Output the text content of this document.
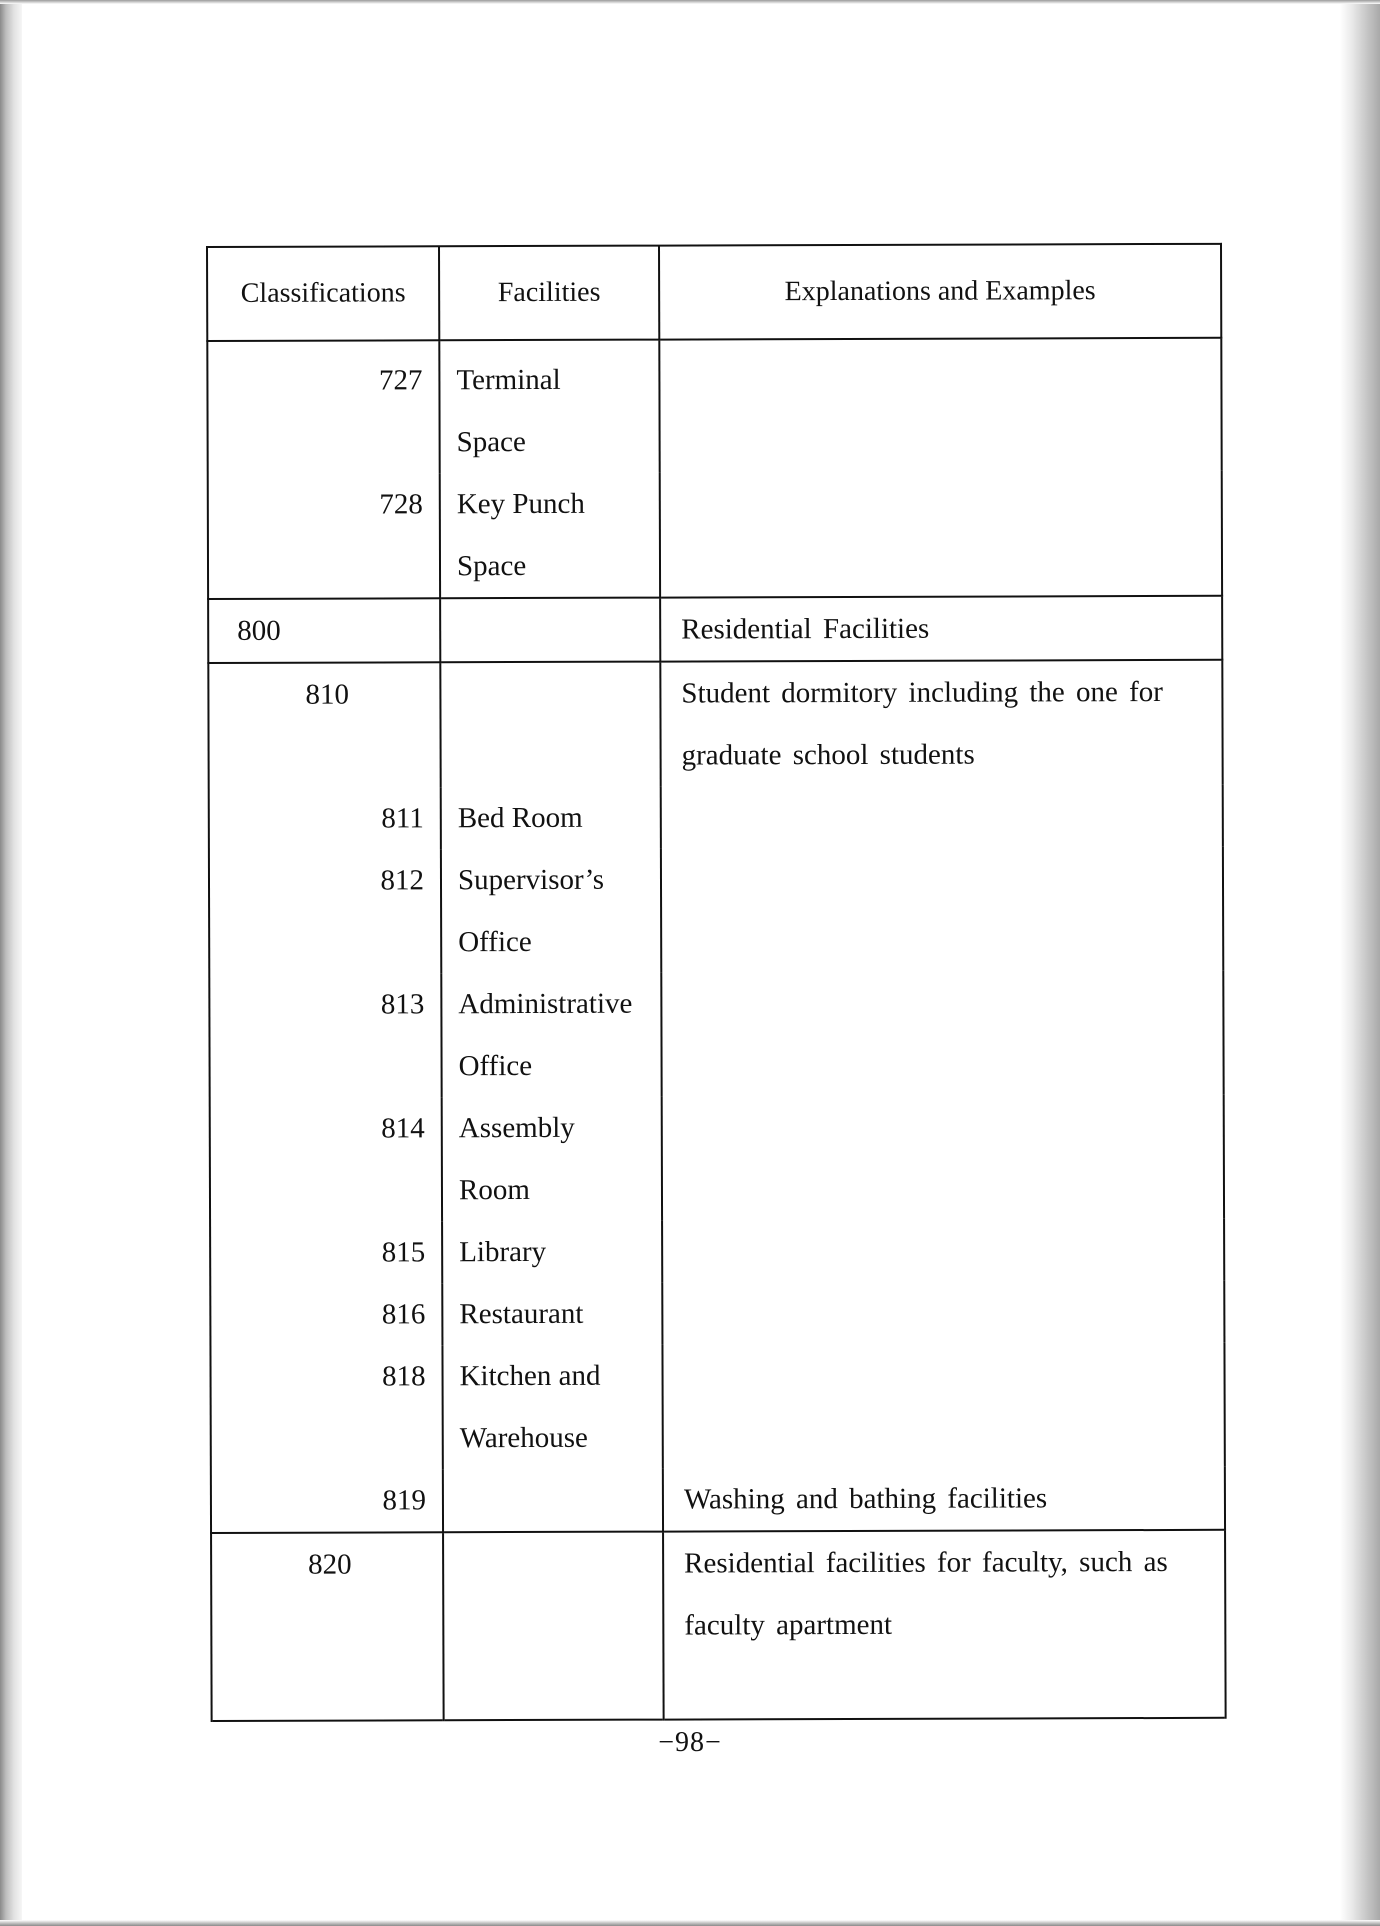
Classifications	Facilities	Explanations and Examples
727	Terminal
Space	
728	Key Punch
Space	
800		Residential Facilities
810		Student dormitory including the one for graduate school students
811	Bed Room	
812	Supervisor’s
Office	
813	Administrative
Office	
814	Assembly
Room	
815	Library	
816	Restaurant	
818	Kitchen and
Warehouse	
819		Washing and bathing facilities
820		Residential facilities for faculty, such as faculty apartment
−98−
